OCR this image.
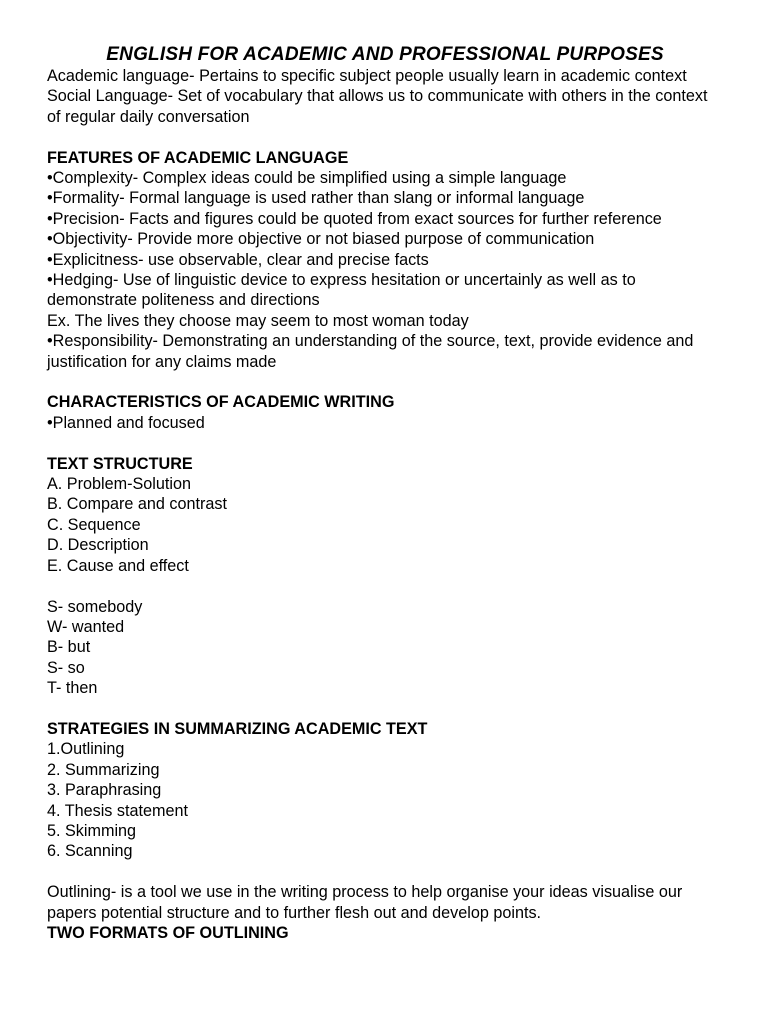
ENGLISH FOR ACADEMIC AND PROFESSIONAL PURPOSES

Academic language- Pertains to specific subject people usually learn in academic context

Social Language- Set of vocabulary that allows us to communicate with others in the context of regular daily conversation

FEATURES OF ACADEMIC LANGUAGE

•Complexity- Complex ideas could be simplified using a simple language

•Formality- Formal language is used rather than slang or informal language

•Precision- Facts and figures could be quoted from exact sources for further reference

•Objectivity- Provide more objective or not biased purpose of communication

•Explicitness- use observable, clear and precise facts

•Hedging- Use of linguistic device to express hesitation or uncertainly as well as to demonstrate politeness and directions

Ex. The lives they choose may seem to most woman today

•Responsibility- Demonstrating an understanding of the source, text, provide evidence and justification for any claims made

CHARACTERISTICS OF ACADEMIC WRITING

•Planned and focused

TEXT STRUCTURE

A. Problem-Solution

B. Compare and contrast

C. Sequence

D. Description

E. Cause and effect

S- somebody

W- wanted

B- but

S- so

T- then

STRATEGIES IN SUMMARIZING ACADEMIC TEXT

1.Outlining

2. Summarizing

3. Paraphrasing

4. Thesis statement

5. Skimming

6. Scanning

Outlining- is a tool we use in the writing process to help organise your ideas visualise our papers potential structure and to further flesh out and develop points.

TWO FORMATS OF OUTLINING
